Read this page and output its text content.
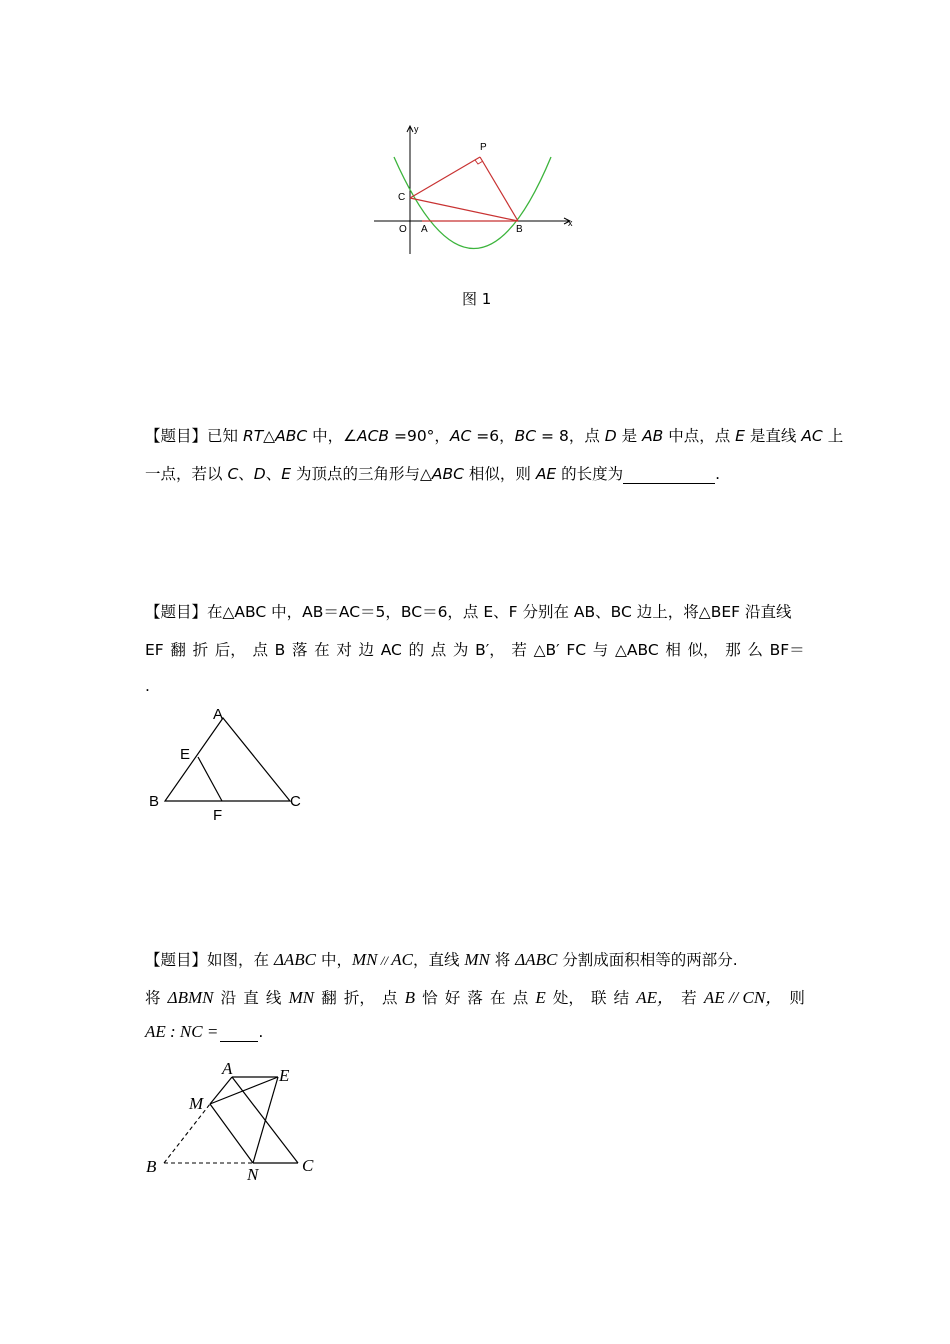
y
x
O A	B
C
P
图 1
【题目】已知 RT△ABC 中，∠ACB =90°，AC =6，BC = 8，点 D 是 AB 中点，点 E 是直线 AC 上
一点，若以 C、D、E 为顶点的三角形与△ABC 相似，则 AE 的长度为	.
【题目】在△ABC 中，AB＝AC＝5，BC＝6，点 E、F 分别在 AB、BC 边上，将△BEF 沿直线
EF 翻 折 后， 点 B 落 在 对 边 AC 的 点 为 B′， 若 △B′ FC 与 △ABC 相 似， 那 么 BF＝
.
A
E
B	C
F
【题目】如图，在 ΔABC 中，MN // AC，直线 MN 将 ΔABC 分割成面积相等的两部分.
将 ΔBMN 沿 直 线 MN 翻 折， 点 B 恰 好 落 在 点 E 处， 联 结 AE， 若 AE // CN， 则
AE : NC =	.
A	E
M
B	N	C
